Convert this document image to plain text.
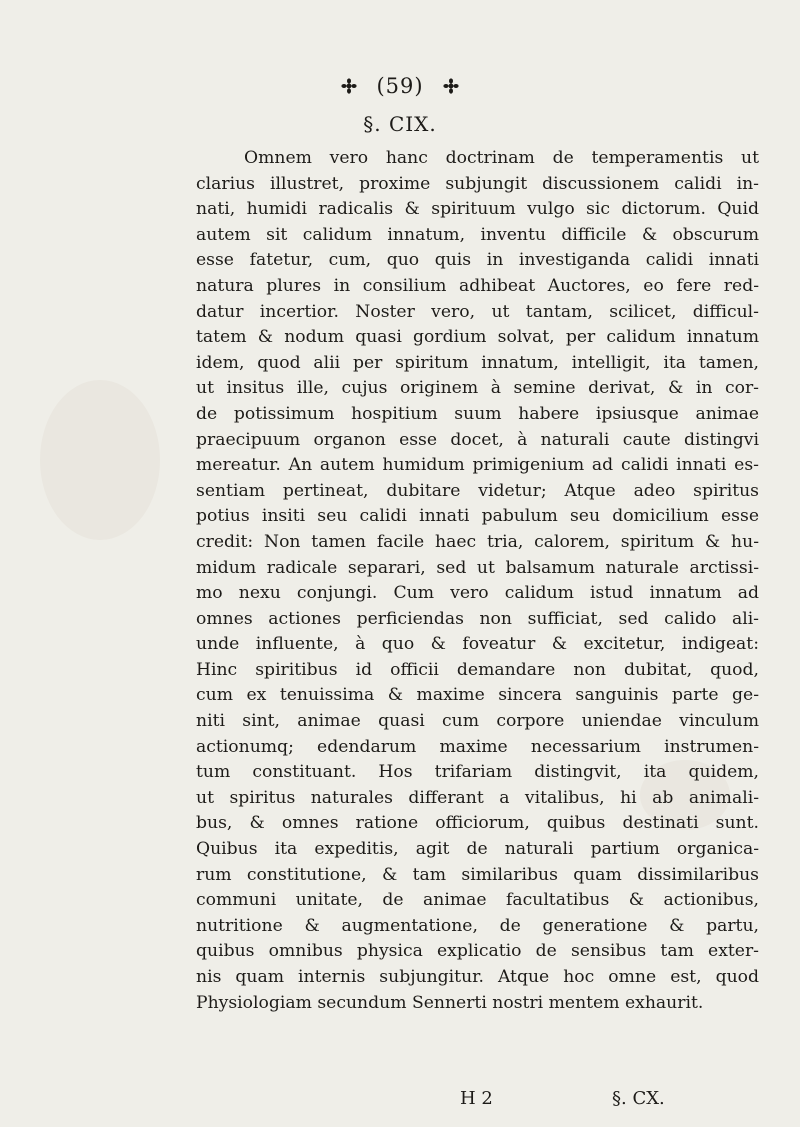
(59)
§. CIX.
Omnem vero hanc doctrinam de temperamentis ut
clarius illustret, proxime subjungit discussionem calidi in-
nati, humidi radicalis & spirituum vulgo sic dictorum. Quid
autem sit calidum innatum, inventu difficile & obscurum
esse fatetur, cum, quo quis in investiganda calidi innati
natura plures in consilium adhibeat Auctores, eo fere red-
datur incertior. Noster vero, ut tantam, scilicet, difficul-
tatem & nodum quasi gordium solvat, per calidum innatum
idem, quod alii per spiritum innatum, intelligit, ita tamen,
ut insitus ille, cujus originem à semine derivat, & in cor-
de potissimum hospitium suum habere ipsiusque animae
praecipuum organon esse docet, à naturali caute distingvi
mereatur. An autem humidum primigenium ad calidi innati es-
sentiam pertineat, dubitare videtur; Atque adeo spiritus
potius insiti seu calidi innati pabulum seu domicilium esse
credit: Non tamen facile haec tria, calorem, spiritum & hu-
midum radicale separari, sed ut balsamum naturale arctissi-
mo nexu conjungi. Cum vero calidum istud innatum ad
omnes actiones perficiendas non sufficiat, sed calido ali-
unde influente, à quo & foveatur & excitetur, indigeat:
Hinc spiritibus id officii demandare non dubitat, quod,
cum ex tenuissima & maxime sincera sanguinis parte ge-
niti sint, animae quasi cum corpore uniendae vinculum
actionumq; edendarum maxime necessarium instrumen-
tum constituant. Hos trifariam distingvit, ita quidem,
ut spiritus naturales differant a vitalibus, hi ab animali-
bus, & omnes ratione officiorum, quibus destinati sunt.
Quibus ita expeditis, agit de naturali partium organica-
rum constitutione, & tam similaribus quam dissimilaribus
communi unitate, de animae facultatibus & actionibus,
nutritione & augmentatione, de generatione & partu,
quibus omnibus physica explicatio de sensibus tam exter-
nis quam internis subjungitur. Atque hoc omne est, quod
Physiologiam secundum Sennerti nostri mentem exhaurit.
H 2	§. CX.
